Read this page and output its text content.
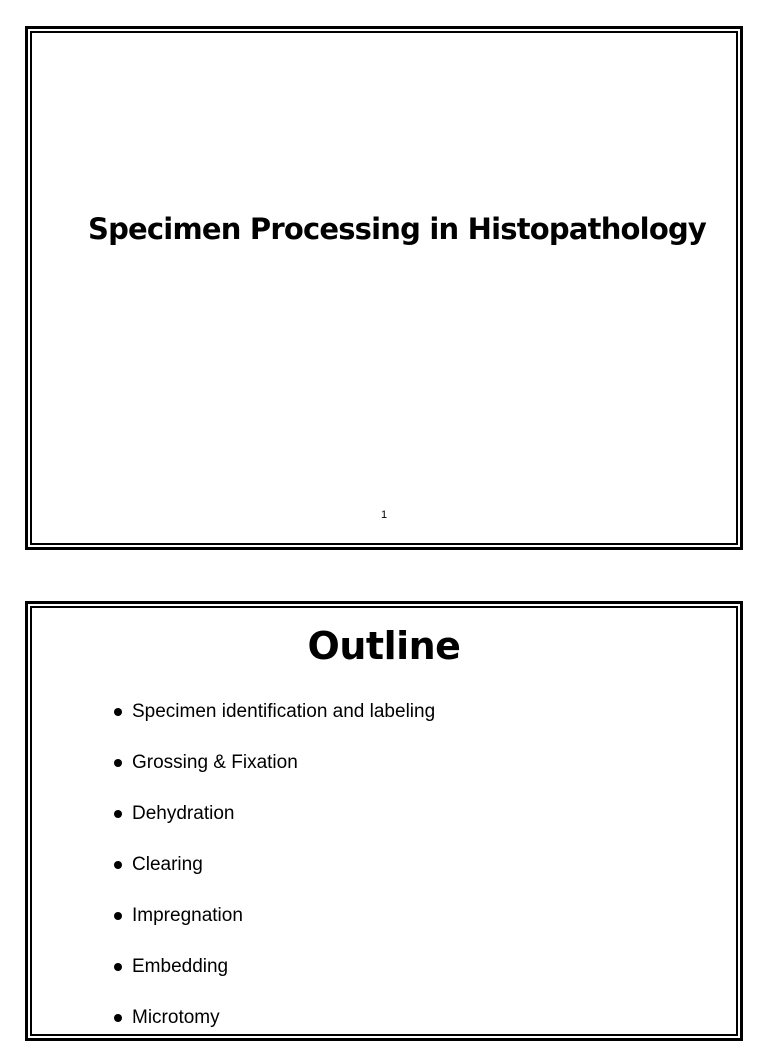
Specimen Processing in Histopathology
1
Outline
Specimen identification and labeling
Grossing & Fixation
Dehydration
Clearing
Impregnation
Embedding
Microtomy
